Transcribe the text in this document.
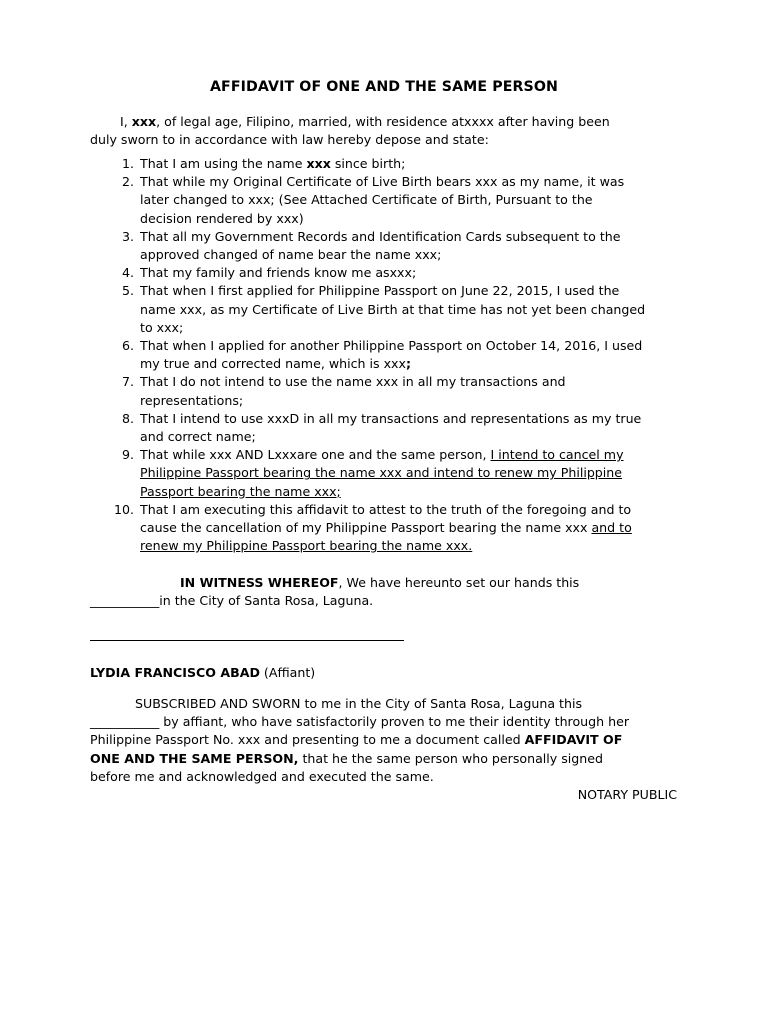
AFFIDAVIT OF ONE AND THE SAME PERSON
I, xxx, of legal age, Filipino, married, with residence atxxxx after having been
duly sworn to in accordance with law hereby depose and state:
1. That I am using the name xxx since birth;
2. That while my Original Certificate of Live Birth bears xxx as my name, it was
later changed to xxx; (See Attached Certificate of Birth, Pursuant to the
decision rendered by xxx)
3. That all my Government Records and Identification Cards subsequent to the
approved changed of name bear the name xxx;
4. That my family and friends know me asxxx;
5. That when I first applied for Philippine Passport on June 22, 2015, I used the
name xxx, as my Certificate of Live Birth at that time has not yet been changed
to xxx;
6. That when I applied for another Philippine Passport on October 14, 2016, I used
my true and corrected name, which is xxx;
7. That I do not intend to use the name xxx in all my transactions and
representations;
8. That I intend to use xxxD in all my transactions and representations as my true
and correct name;
9. That while xxx AND Lxxxare one and the same person, I intend to cancel my
Philippine Passport bearing the name xxx and intend to renew my Philippine
Passport bearing the name xxx;
10. That I am executing this affidavit to attest to the truth of the foregoing and to
cause the cancellation of my Philippine Passport bearing the name xxx and to
renew my Philippine Passport bearing the name xxx.
IN WITNESS WHEREOF, We have hereunto set our hands this
___________in the City of Santa Rosa, Laguna.
LYDIA FRANCISCO ABAD (Affiant)
SUBSCRIBED AND SWORN to me in the City of Santa Rosa, Laguna this
___________ by affiant, who have satisfactorily proven to me their identity through her
Philippine Passport No. xxx and presenting to me a document called AFFIDAVIT OF
ONE AND THE SAME PERSON, that he the same person who personally signed
before me and acknowledged and executed the same.
NOTARY PUBLIC
